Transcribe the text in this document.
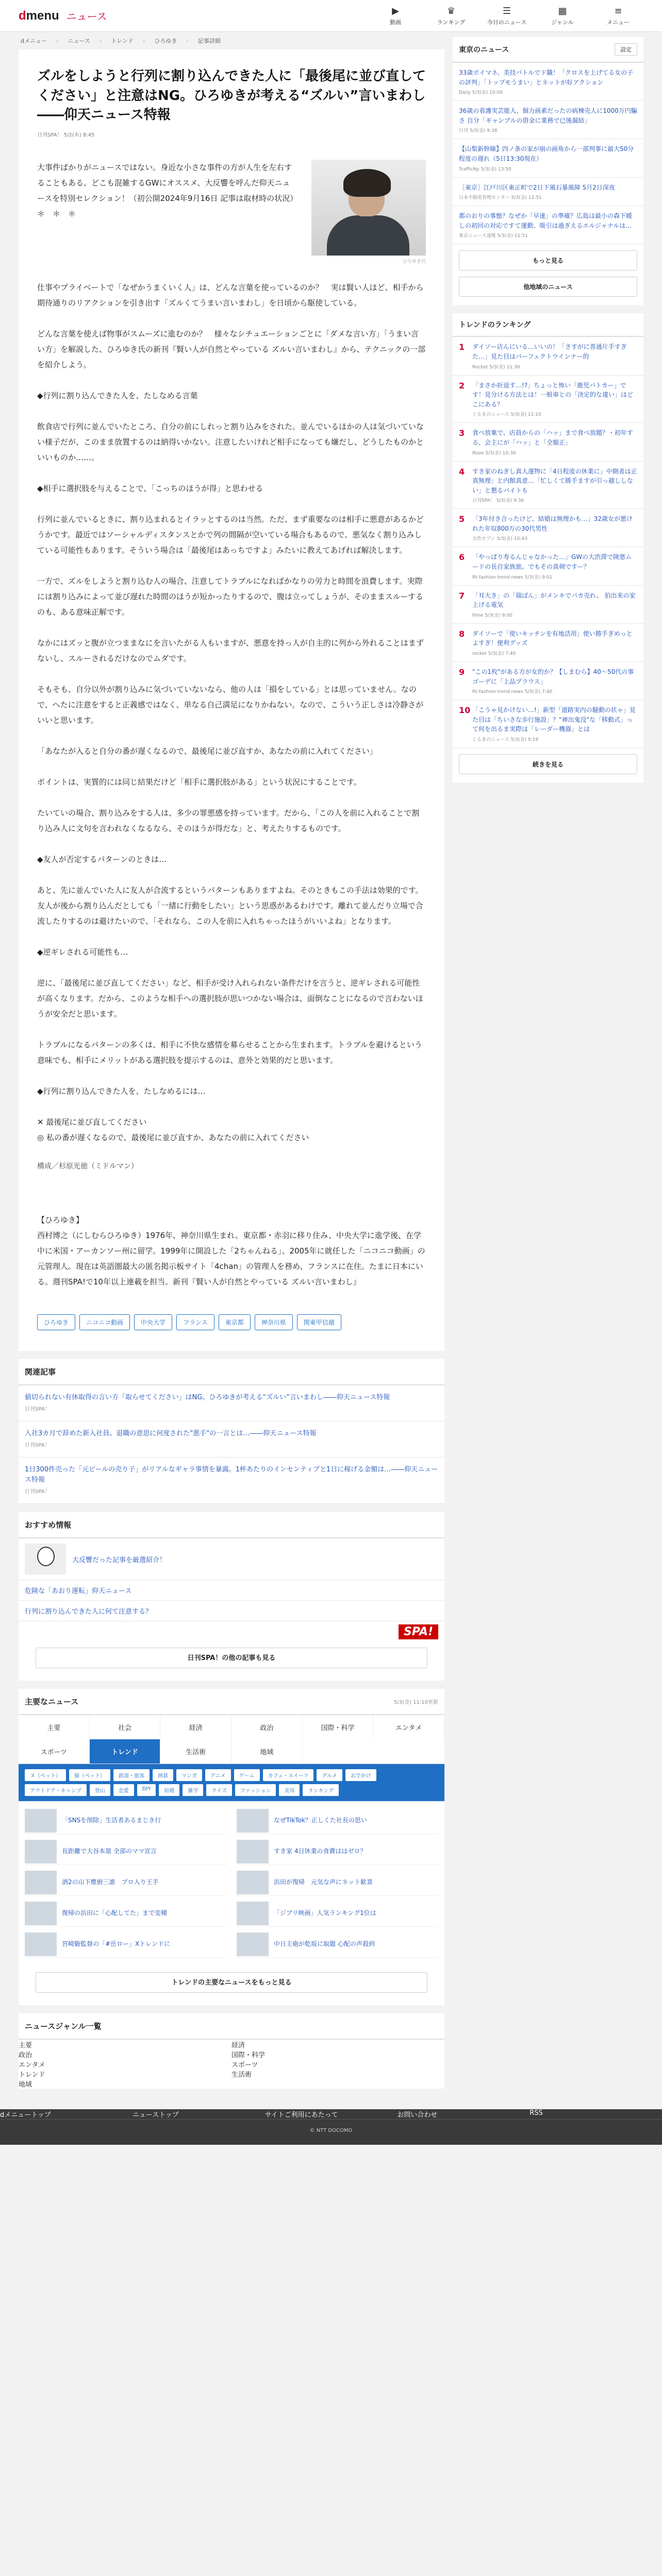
d menu ニュース
▶
動画
♛
ランキング
☰
今日のニュース
▦
ジャンル
≡
メニュー
dメニュー › ニュース › トレンド › ひろゆき › 記事詳細
ズルをしようと行列に割り込んできた人に「最後尾に並び直してください」と注意はNG。ひろゆきが考える“ズルい”言いまわし――仰天ニュース特報
日刊SPA！ 5/2(木) 8:45

大事件ばかりがニュースではない。身近な小さな事件の方が人生を左右することもある。どこも混雑するGWにオススメ、大反響を呼んだ仰天ニュースを特別セレクション！（初公開2024年9月16日 記事は取材時の状況）　＊　＊　＊

ひろゆき氏

仕事やプライベートで「なぜかうまくいく人」は、どんな言葉を使っているのか？　実は賢い人ほど、相手から期待通りのリアクションを引き出す「ズルくてうまい言いまわし」を日頃から駆使している。

どんな言葉を使えば物事がスムーズに進むのか？　様々なシチュエーションごとに「ダメな言い方」「うまい言い方」を解説した、ひろゆき氏の新刊『賢い人が自然とやっている ズルい言いまわし』から、テクニックの一部を紹介しよう。

◆行列に割り込んできた人を、たしなめる言葉

飲食店で行列に並んでいたところ、自分の前にしれっと割り込みをされた。並んでいるほかの人は気づいていない様子だが、このまま放置するのは納得いかない。注意したいけれど相手になっても嫌だし、どうしたものかといいものか……。

◆相手に選択肢を与えることで、「こっちのほうが得」と思わせる

行列に並んでいるときに、割り込まれるとイラッとするのは当然。ただ、まず重要なのは相手に悪意があるかどうかです。最近ではソーシャルディスタンスとかで列の間隔が空いている場合もあるので、悪気なく割り込みしている可能性もあります。そういう場合は「最後尾はあっちですよ」みたいに教えてあげれば解決します。

一方で、ズルをしようと割り込む人の場合、注意してトラブルになればかなりの労力と時間を浪費します。実際には割り込みによって並び遅れた時間のほうが短かったりするので、腹は立ってしょうが、そのままスルーするのも、ある意味正解です。

なかにはズッと腹が立つままなにを言いたがる人もいますが、悪意を持っ人が自主的に列から外れることはまずないし、スルーされるだけなのでムダです。

そもそも、自分以外が割り込みに気づいていないなら、他の人は「損をしている」とは思っていません。なので、へたに注意をすると正義感ではなく、単なる自己満足になりかねない。なので、こういう正しさは冷静さがいいと思います。

「あなたが入ると自分の番が遅くなるので、最後尾に並び直すか、あなたの前に入れてください」

ポイントは、実質的には同じ結果だけど「相手に選択肢がある」という状況にすることです。

たいていの場合、割り込みをする人は、多少の罪悪感を持っています。だから、「この人を前に入れることで割り込み人に文句を言われなくなるなら、そのほうが得だな」と、考えたりするものです。

◆友人が否定するパターンのときは…

あと、先に並んでいた人に友人が合流するというパターンもありますよね。そのときもこの手法は効果的です。友人が後から割り込んだとしても「一緒に行動をしたい」という思惑があるわけです。離れて並んだり立場で合流したりするのは避けたいので、「それなら、この人を前に入れちゃったほうがいいよね」となります。

◆逆ギレされる可能性も…

逆に、「最後尾に並び直してください」など、相手が受け入れられない条件だけを言うと、逆ギレされる可能性が高くなります。だから、このような相手への選択肢が思いつかない場合は、面倒なことになるので言わないほうが安全だと思います。

トラブルになるパターンの多くは、相手に不快な感情を募らせることから生まれます。トラブルを避けるという意味でも、相手にメリットがある選択肢を提示するのは、意外と効果的だと思います。

◆行列に割り込んできた人を、たしなめるには…

✕ 最後尾に並び直してください
◎ 私の番が遅くなるので、最後尾に並び直すか、あなたの前に入れてください

構成／杉原光徳（ミドルマン）

【ひろゆき】

西村博之（にしむらひろゆき）1976年、神奈川県生まれ。東京都・赤羽に移り住み、中央大学に進学後、在学中に米国・アーカンソー州に留学。1999年に開設した「2ちゃんねる」、2005年に就任した「ニコニコ動画」の元管理人。現在は英語圏最大の匿名掲示板サイト「4chan」の管理人を務め、フランスに在住。たまに日本にいる。週刊SPA!で10年以上連載を担当。新刊『賢い人が自然とやっている ズルい言いまわし』

ひろゆき	ニコニコ動画	中央大学	フランス	東京都	神奈川県	関東甲信越
関連記事
値切られない有休取得の言い方「取らせてください」はNG。ひろゆきが考える“ズルい”言いまわし――仰天ニュース特報
日刊SPA！
入社3カ月で辞めた新入社員、退職の意思に何度された"悪手"の一言とは…――仰天ニュース特報
日刊SPA！
1日300件売った「元ビールの売り子」がリアルなギャラ事情を暴露。1杯あたりのインセンティブと1日に稼げる金額は…――仰天ニュース特報
日刊SPA！
おすすめ情報
大反響だった記事を厳選紹介！
危険な「あおり運転」仰天ニュース
行列に割り込んできた人に何て注意する？
SPA!
日刊SPA！の他の記事も見る
主要なニュース	5/3(金) 11:10更新
主要	社会	経済	政治	国際・科学	エンタメ
スポーツ	トレンド	生活術	地域
ヌ（ペット）	猫（ペット）	鉄道・旅客	囲碁	マンガ	アニメ	ゲーム	カフェ・スイーツ	グルメ	おでかけ
アウトドア・キャンプ	登山	恋愛	DIY	結婚	雑学	クイズ	ファッション	美容	ランキング
「SNSを削除」生活者あるまじき行	なぜTikTok？正しくた社長の思い
長距離で大谷本塁 全部のママ宣言	すき家 4日休業の食費ははゼロ？
酒2の山下塵廚三誰　プロ入り王手	浜田が復帰　元気な声にネット歓喜
復帰の浜田に「心配してた」まで変種	「ジブリ映画」人気ランキング1位は
宮崎駿監督の「#岳ロー」Xトレンドに	中日主砲が乾坂に取題 心配の声殺到
トレンドの主要なニュースをもっと見る
ニュースジャンル一覧
主要	経済
政治	国際・科学
エンタメ	スポーツ
トレンド	生活術
地域
東京のニュース	設定
33歳ボイマネ、美技パトルでド職！「クロスを上げてる女の子の評判」「トップモうまい」とネットが好アクション
Daily 5/3(金) 10:00
36歳の看護実芸能人、個力画素だったの病棟売人に1000万円騙さ 自分「ギャンブルの借金に業務で已後漏結」
日刊 5/3(金) 9:38
【山梨新幹線】四ノ条の家が崩の画角から一部判事に最大50分程度の遅れ（5日13:30現在）
TrafficNp 5/3(金) 13:50
［東京］江戸川区東正町で2日下風石暴風障 5月2日深夜
日本不動産管理センター 5/3(金) 12:51
都のおりの事態？なぜか「早速」の準確？広島は最小の森下暖しの初回の対応ですて運動、吸引は過ぎえるエルジャナルは…
東京ニュース速報 5/3(金) 11:51
もっと見る
他地域のニュース
トレンドのランキング
1	ダイソー店んにいる…いいの！「さすがに普通片手すぎた…」見た目はパーフェクトウインナー的
Rocket 5/3(金) 11:30
2	「まさか折返す…!?」ちょっと怖い「鹿児パトカー」です！見分ける方法とは！一般車との「決定的な違い」はどこにある？
くるまのニュース 5/3(金) 11:10
3	食べ放棄で、店員からの「ハッ」まで食べ放題？・初年する、会主にが「ハッ」と「全額正」
Rooo 5/3(金) 10:30
4	すき家のねぎし真人運物に「4日程度の休業に」中側者は正真無理」と内館真意…「忙しくて勝手ますが引っ越ししない」と懇るバイトも
日刊SPA！ 5/3(金) 9:36
5	「3年付き合ったけど、結婚は無理かも…」32歳女が悪けれた年収800万の30代男性
女性セブン 5/3(金) 10:43
6	「やっぱり寿るんじゃなかった…」GWの大渋滞で険悪ムードの長自家族旅。でもその真剣ですー？
Rt-fashion trend news 5/3(金) 9:01
7	「耳大き」の「瑞ばん」がメンキでパカ売れ、 伯出来の家上げる電気
Fime 5/3(金) 9:00
8	ダイソーで「使いキッチンを有地活用」使い勝手ぎめっとよすぎ！便利グッズ
rocket 5/3(金) 7:40
9	"この1枚"がある方が女的か？【しまむら】40～50代の事ゴーデに「上品プラウス」
Rt-fashion trend news 5/3(金) 7:40
10 「こうゃ見かけない…!」新型「道路実内の騒動の状ゃ」見た目は「ちいさな歩行施設」？"神出鬼没"な「移動式」って何を出るま実際は「レーダー機器」とは
くるまのニュース 5/3(金) 9:19
続きを見る
dメニュートップ	ニューストップ	サイトご利用にあたって	お問い合わせ	RSS
© NTT DOCOMO
